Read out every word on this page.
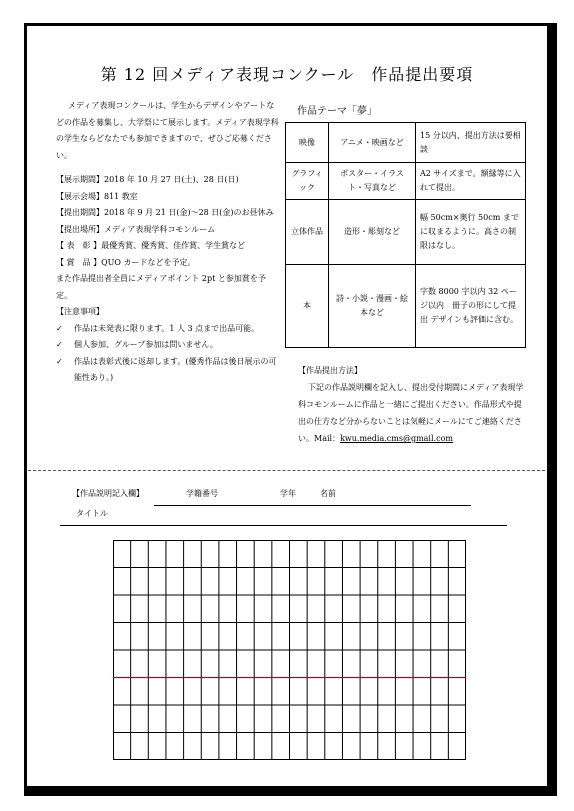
第 12 回メディア表現コンクール　作品提出要項

メディア表現コンクールは、学生からデザインやアートなどの作品を募集し、大学祭にて展示します。メディア表現学科の学生ならどなたでも参加できますので、ぜひご応募ください。

【展示期間】2018 年 10 月 27 日(土)、28 日(日)

【展示会場】811 教室

【提出期間】2018 年 9 月 21 日(金)～28 日(金)のお昼休み

【提出場所】メディア表現学科コモンルーム

【 表　彰 】最優秀賞、優秀賞、佳作賞、学生賞など

【 賞　品 】QUO カードなどを予定。

また作品提出者全員にメディアポイント 2pt と参加賞を予定。

【注意事項】

✓ 作品は未発表に限ります。1 人 3 点まで出品可能。
✓ 個人参加、グループ参加は問いません。
✓ 作品は表彰式後に返却します。(優秀作品は後日展示の可能性あり。)
作品テーマ「夢」
映像	アニメ・映画など	15 分以内、提出方法は要相談
グラフィック	ポスター・イラスト・写真など	A2 サイズまで。額縁等に入れて提出。
立体作品	造形・彫刻など	幅 50cm×奥行 50cm までに収まるように。高さの制限はなし。
本	詩・小説・漫画・絵本など	字数 8000 字以内 32 ページ以内　冊子の形にして提出 デザインも評価に含む。

【作品提出方法】

下記の作品説明欄を記入し、提出受付期間にメディア表現学科コモンルームに作品と一緒にご提出ください。作品形式や提出の仕方など分からないことは気軽にメールにてご連絡ください。Mail：kwu.media.cms@gmail.com

【作品説明記入欄】	学籍番号	学年	名前
タイトル
